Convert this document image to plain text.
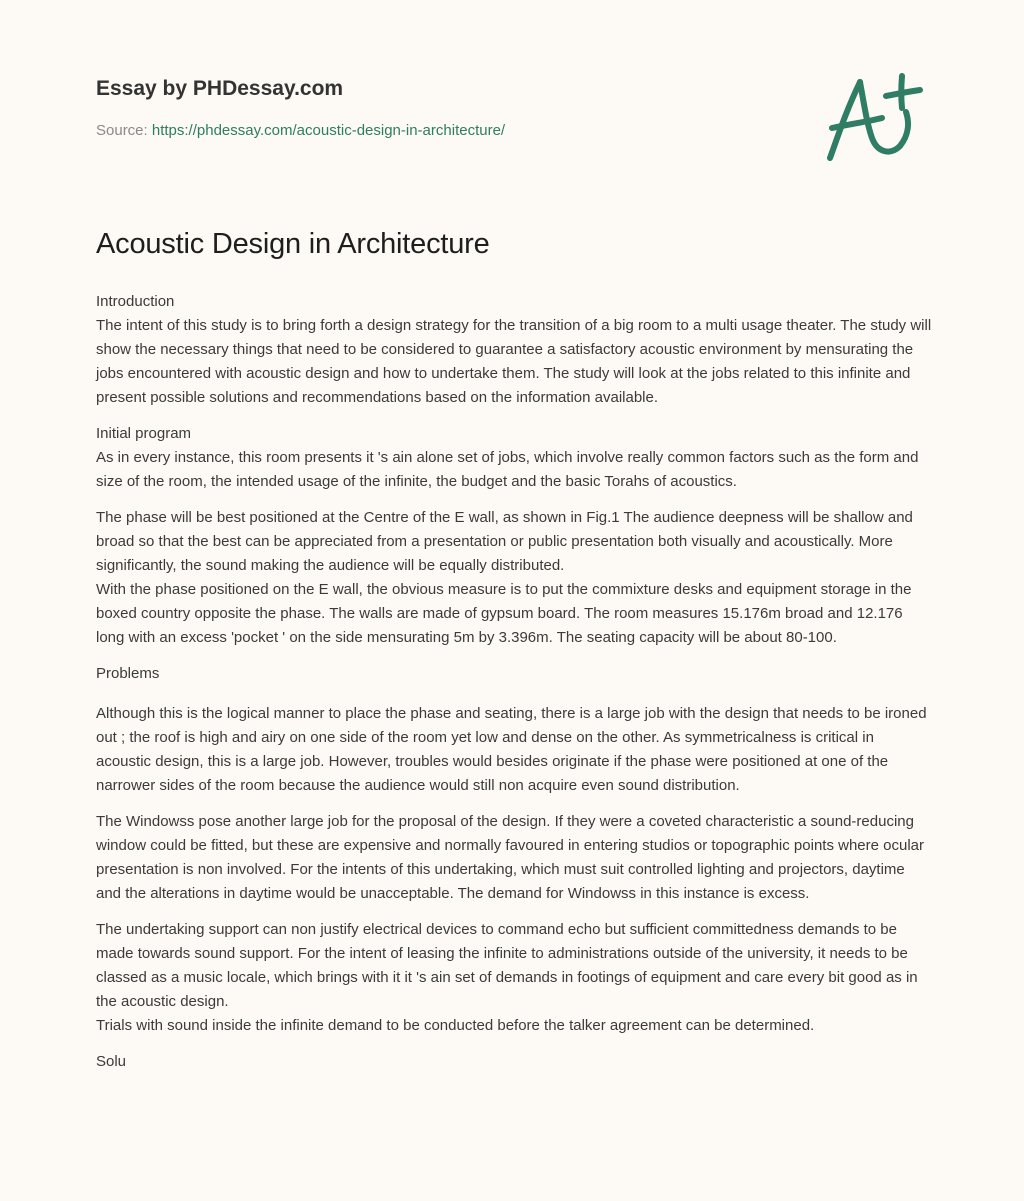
Essay by PHDessay.com
Source: https://phdessay.com/acoustic-design-in-architecture/
Acoustic Design in Architecture

Introduction
The intent of this study is to bring forth a design strategy for the transition of a big room to a multi usage theater. The study will show the necessary things that need to be considered to guarantee a satisfactory acoustic environment by mensurating the jobs encountered with acoustic design and how to undertake them. The study will look at the jobs related to this infinite and present possible solutions and recommendations based on the information available.

Initial program
As in every instance, this room presents it 's ain alone set of jobs, which involve really common factors such as the form and size of the room, the intended usage of the infinite, the budget and the basic Torahs of acoustics.

The phase will be best positioned at the Centre of the E wall, as shown in Fig.1 The audience deepness will be shallow and broad so that the best can be appreciated from a presentation or public presentation both visually and acoustically. More significantly, the sound making the audience will be equally distributed.
With the phase positioned on the E wall, the obvious measure is to put the commixture desks and equipment storage in the boxed country opposite the phase. The walls are made of gypsum board. The room measures 15.176m broad and 12.176 long with an excess 'pocket ' on the side mensurating 5m by 3.396m. The seating capacity will be about 80-100.

Problems

Although this is the logical manner to place the phase and seating, there is a large job with the design that needs to be ironed out ; the roof is high and airy on one side of the room yet low and dense on the other. As symmetricalness is critical in acoustic design, this is a large job. However, troubles would besides originate if the phase were positioned at one of the narrower sides of the room because the audience would still non acquire even sound distribution.

The Windowss pose another large job for the proposal of the design. If they were a coveted characteristic a sound-reducing window could be fitted, but these are expensive and normally favoured in entering studios or topographic points where ocular presentation is non involved. For the intents of this undertaking, which must suit controlled lighting and projectors, daytime and the alterations in daytime would be unacceptable. The demand for Windowss in this instance is excess.

The undertaking support can non justify electrical devices to command echo but sufficient committedness demands to be made towards sound support. For the intent of leasing the infinite to administrations outside of the university, it needs to be classed as a music locale, which brings with it it 's ain set of demands in footings of equipment and care every bit good as in the acoustic design.
Trials with sound inside the infinite demand to be conducted before the talker agreement can be determined.

Solu
